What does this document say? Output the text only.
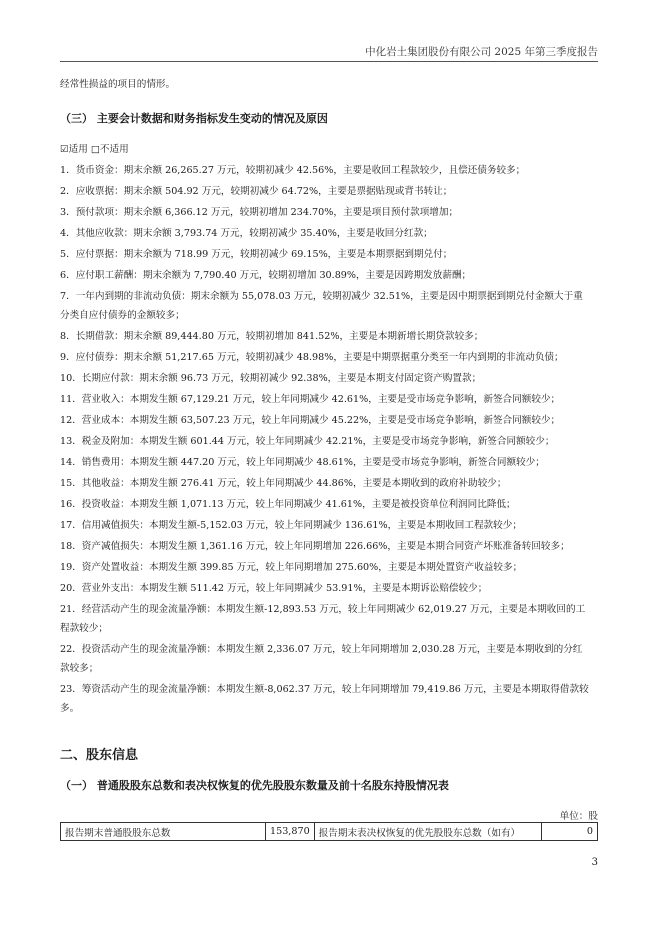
中化岩土集团股份有限公司 2025 年第三季度报告
经常性损益的项目的情形。
（三） 主要会计数据和财务指标发生变动的情况及原因
☑适用 □不适用
1．货币资金：期末余额 26,265.27 万元，较期初减少 42.56%，主要是收回工程款较少，且偿还债务较多；
2．应收票据：期末余额 504.92 万元，较期初减少 64.72%，主要是票据贴现或背书转让；
3．预付款项：期末余额 6,366.12 万元，较期初增加 234.70%，主要是项目预付款项增加；
4．其他应收款：期末余额 3,793.74 万元，较期初减少 35.40%，主要是收回分红款；
5．应付票据：期末余额为 718.99 万元，较期初减少 69.15%，主要是本期票据到期兑付；
6．应付职工薪酬：期末余额为 7,790.40 万元，较期初增加 30.89%，主要是因跨期发放薪酬；
7．一年内到期的非流动负债：期末余额为 55,078.03 万元，较期初减少 32.51%，主要是因中期票据到期兑付金额大于重
分类自应付债券的金额较多；
8．长期借款：期末余额 89,444.80 万元，较期初增加 841.52%，主要是本期新增长期贷款较多；
9．应付债券：期末余额 51,217.65 万元，较期初减少 48.98%，主要是中期票据重分类至一年内到期的非流动负债；
10．长期应付款：期末余额 96.73 万元，较期初减少 92.38%，主要是本期支付固定资产购置款；
11．营业收入：本期发生额 67,129.21 万元，较上年同期减少 42.61%，主要是受市场竞争影响，新签合同额较少；
12．营业成本：本期发生额 63,507.23 万元，较上年同期减少 45.22%，主要是受市场竞争影响，新签合同额较少；
13．税金及附加：本期发生额 601.44 万元，较上年同期减少 42.21%，主要是受市场竞争影响，新签合同额较少；
14．销售费用：本期发生额 447.20 万元，较上年同期减少 48.61%，主要是受市场竞争影响，新签合同额较少；
15．其他收益：本期发生额 276.41 万元，较上年同期减少 44.86%，主要是本期收到的政府补助较少；
16．投资收益：本期发生额 1,071.13 万元，较上年同期减少 41.61%，主要是被投资单位利润同比降低；
17．信用减值损失：本期发生额-5,152.03 万元，较上年同期减少 136.61%，主要是本期收回工程款较少；
18．资产减值损失：本期发生额 1,361.16 万元，较上年同期增加 226.66%，主要是本期合同资产坏账准备转回较多；
19．资产处置收益：本期发生额 399.85 万元，较上年同期增加 275.60%，主要是本期处置资产收益较多；
20．营业外支出：本期发生额 511.42 万元，较上年同期减少 53.91%，主要是本期诉讼赔偿较少；
21．经营活动产生的现金流量净额：本期发生额-12,893.53 万元，较上年同期减少 62,019.27 万元，主要是本期收回的工
程款较少；
22．投资活动产生的现金流量净额：本期发生额 2,336.07 万元，较上年同期增加 2,030.28 万元，主要是本期收到的分红
款较多；
23．筹资活动产生的现金流量净额：本期发生额-8,062.37 万元，较上年同期增加 79,419.86 万元，主要是本期取得借款较
多。
二、股东信息
（一） 普通股股东总数和表决权恢复的优先股股东数量及前十名股东持股情况表
单位：股
报告期末普通股股东总数	153,870	报告期末表决权恢复的优先股股东总数（如有）	0
3
